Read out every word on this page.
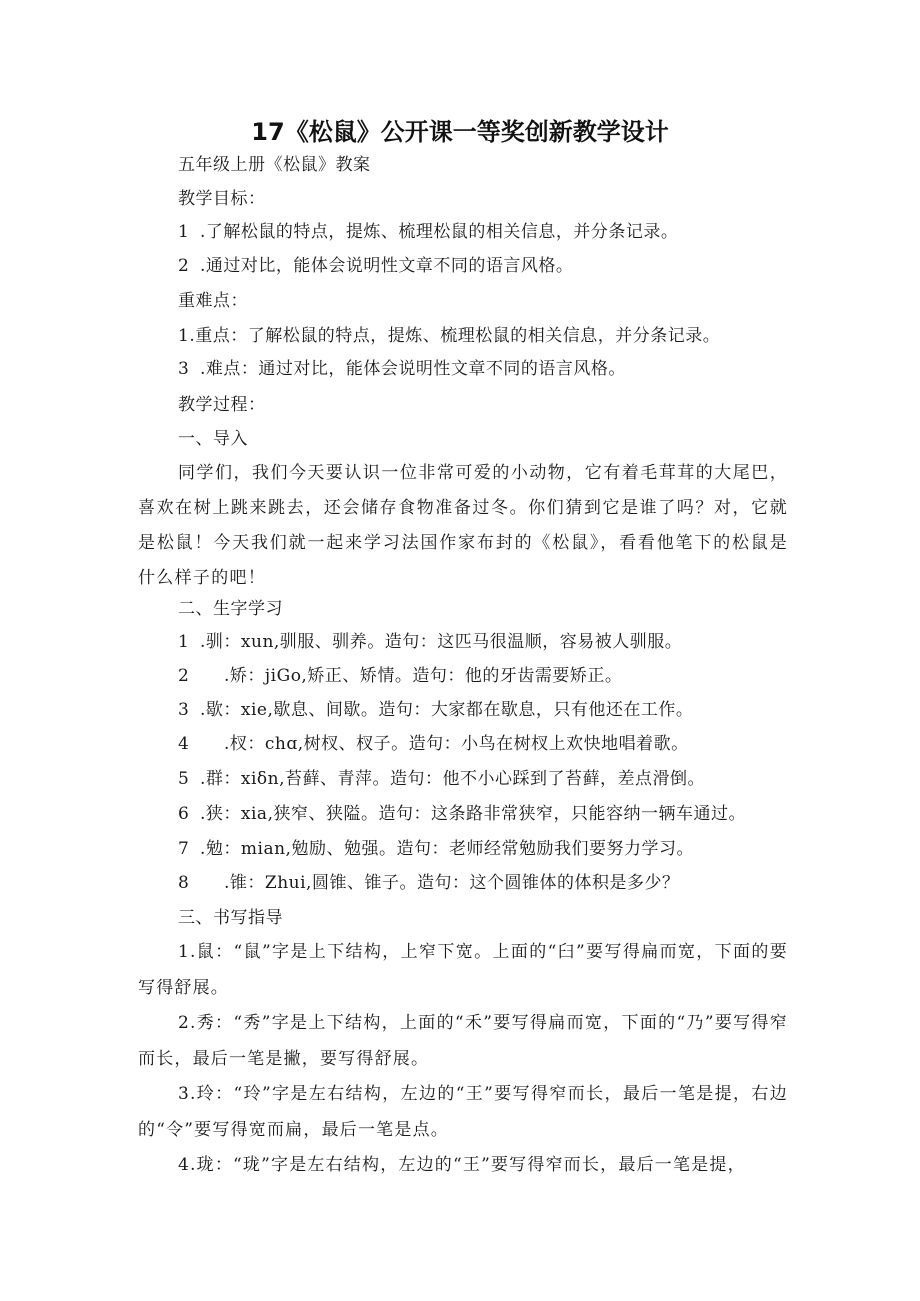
17《松鼠》公开课一等奖创新教学设计
五年级上册《松鼠》教案
教学目标：
1 .了解松鼠的特点，提炼、梳理松鼠的相关信息，并分条记录。
2 .通过对比，能体会说明性文章不同的语言风格。
重难点：
1.重点：了解松鼠的特点，提炼、梳理松鼠的相关信息，并分条记录。
3 .难点：通过对比，能体会说明性文章不同的语言风格。
教学过程：
一、导入
同学们，我们今天要认识一位非常可爱的小动物，它有着毛茸茸的大尾巴，喜欢在树上跳来跳去，还会储存食物准备过冬。你们猜到它是谁了吗？对，它就是松鼠！今天我们就一起来学习法国作家布封的《松鼠》，看看他笔下的松鼠是什么样子的吧！
二、生字学习
1 .驯：xun,驯服、驯养。造句：这匹马很温顺，容易被人驯服。
2 .矫：jiGo,矫正、矫情。造句：他的牙齿需要矫正。
3 .歇：xie,歇息、间歇。造句：大家都在歇息，只有他还在工作。
4 .杈：chɑ,树杈、杈子。造句：小鸟在树杈上欢快地唱着歌。
5 .群：xiδn,苔藓、青萍。造句：他不小心踩到了苔藓，差点滑倒。
6 .狭：xia,狭窄、狭隘。造句：这条路非常狭窄，只能容纳一辆车通过。
7 .勉：mian,勉励、勉强。造句：老师经常勉励我们要努力学习。
8 .锥：Zhui,圆锥、锥子。造句：这个圆锥体的体积是多少？
三、书写指导
1.鼠：“鼠”字是上下结构，上窄下宽。上面的“臼”要写得扁而宽，下面的要写得舒展。
2.秀：“秀”字是上下结构，上面的“禾”要写得扁而宽，下面的“乃”要写得窄而长，最后一笔是撇，要写得舒展。
3.玲：“玲”字是左右结构，左边的“王”要写得窄而长，最后一笔是提，右边的“令”要写得宽而扁，最后一笔是点。
4.珑：“珑”字是左右结构，左边的“王”要写得窄而长，最后一笔是提，
